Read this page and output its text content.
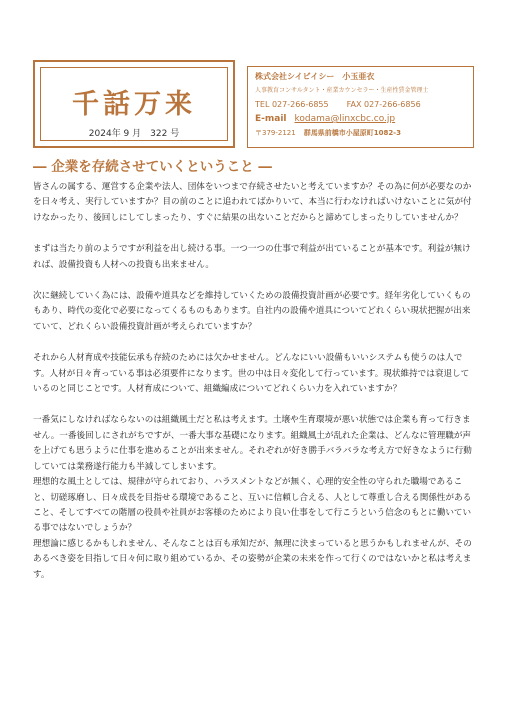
千話万来
2024年 9 月　322 号
株式会社シイビイシー　小玉亜衣
人事教育コンサルタント・産業カウンセラー・生産性賃金管理士
TEL 027-266-6855 FAX 027-266-6856
E-mail kodama@linxcbc.co.jp
〒379-2121 群馬県前橋市小屋原町1082-3
― 企業を存続させていくということ ―

皆さんの属する、運営する企業や法人、団体をいつまで存続させたいと考えていますか？その為に何が必要なのかを日々考え、実行していますか？目の前のことに追われてばかりいて、本当に行わなければいけないことに気が付けなかったり、後回しにしてしまったり、すぐに結果の出ないことだからと諦めてしまったりしていませんか？

まずは当たり前のようですが利益を出し続ける事。一つ一つの仕事で利益が出ていることが基本です。利益が無ければ、設備投資も人材への投資も出来ません。

次に継続していく為には、設備や道具などを維持していくための設備投資計画が必要です。経年劣化していくものもあり、時代の変化で必要になってくるものもあります。自社内の設備や道具についてどれくらい現状把握が出来ていて、どれくらい設備投資計画が考えられていますか？

それから人材育成や技能伝承も存続のためには欠かせません。どんなにいい設備もいいシステムも使うのは人です。人材が日々育っている事は必須要件になります。世の中は日々変化して行っています。現状維持では衰退しているのと同じことです。人材育成について、組織編成についてどれくらい力を入れていますか？

一番気にしなければならないのは組織風土だと私は考えます。土壌や生育環境が悪い状態では企業も育って行きません。一番後回しにされがちですが、一番大事な基礎になります。組織風土が乱れた企業は、どんなに管理職が声を上げても思うように仕事を進めることが出来ません。それぞれが好き勝手バラバラな考え方で好きなように行動していては業務遂行能力も半減してしまいます。

理想的な風土としては、規律が守られており、ハラスメントなどが無く、心理的安全性の守られた職場であること、切磋琢磨し、日々成長を目指せる環境であること、互いに信頼し合える、人として尊重し合える関係性があること、そしてすべての階層の役員や社員がお客様のためにより良い仕事をして行こうという信念のもとに働いている事ではないでしょうか？

理想論に感じるかもしれません、そんなことは百も承知だが、無理に決まっていると思うかもしれませんが、そのあるべき姿を目指して日々何に取り組めているか、その姿勢が企業の未来を作って行くのではないかと私は考えます。
